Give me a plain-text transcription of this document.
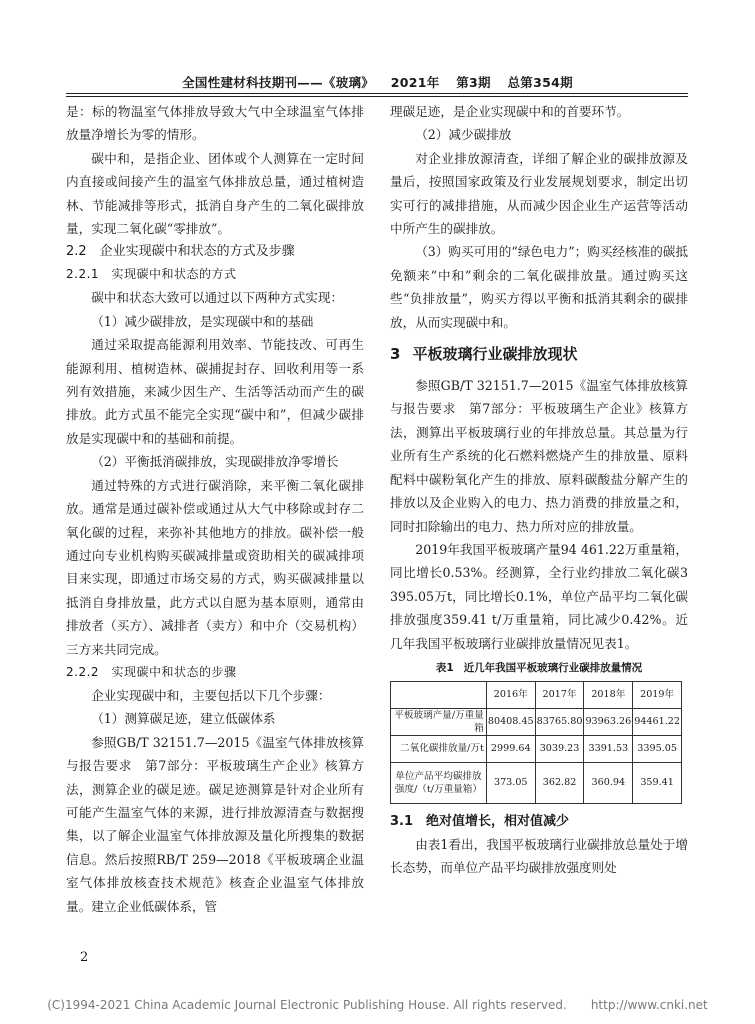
全国性建材科技期刊——《玻璃》 2021年 第3期 总第354期

是：标的物温室气体排放导致大气中全球温室气体排放量净增长为零的情形。

碳中和，是指企业、团体或个人测算在一定时间内直接或间接产生的温室气体排放总量，通过植树造林、节能减排等形式，抵消自身产生的二氧化碳排放量，实现二氧化碳“零排放”。

2.2　企业实现碳中和状态的方式及步骤
2.2.1　实现碳中和状态的方式

碳中和状态大致可以通过以下两种方式实现：

（1）减少碳排放，是实现碳中和的基础

通过采取提高能源利用效率、节能技改、可再生能源利用、植树造林、碳捕捉封存、回收利用等一系列有效措施，来减少因生产、生活等活动而产生的碳排放。此方式虽不能完全实现“碳中和”，但减少碳排放是实现碳中和的基础和前提。

（2）平衡抵消碳排放，实现碳排放净零增长

通过特殊的方式进行碳消除，来平衡二氧化碳排放。通常是通过碳补偿或通过从大气中移除或封存二氧化碳的过程，来弥补其他地方的排放。碳补偿一般通过向专业机构购买碳减排量或资助相关的碳减排项目来实现，即通过市场交易的方式，购买碳减排量以抵消自身排放量，此方式以自愿为基本原则，通常由排放者（买方）、减排者（卖方）和中介（交易机构）三方来共同完成。

2.2.2　实现碳中和状态的步骤

企业实现碳中和，主要包括以下几个步骤：

（1）测算碳足迹，建立低碳体系

参照GB/T 32151.7—2015《温室气体排放核算与报告要求　第7部分：平板玻璃生产企业》核算方法，测算企业的碳足迹。碳足迹测算是针对企业所有可能产生温室气体的来源，进行排放源清查与数据搜集，以了解企业温室气体排放源及量化所搜集的数据信息。然后按照RB/T 259—2018《平板玻璃企业温室气体排放核查技术规范》核查企业温室气体排放量。建立企业低碳体系，管

理碳足迹，是企业实现碳中和的首要环节。

（2）减少碳排放

对企业排放源清查，详细了解企业的碳排放源及量后，按照国家政策及行业发展规划要求，制定出切实可行的减排措施，从而减少因企业生产运营等活动中所产生的碳排放。

（3）购买可用的“绿色电力”；购买经核准的碳抵免额来“中和”剩余的二氧化碳排放量。通过购买这些“负排放量”，购买方得以平衡和抵消其剩余的碳排放，从而实现碳中和。

3 平板玻璃行业碳排放现状

参照GB/T 32151.7—2015《温室气体排放核算与报告要求　第7部分：平板玻璃生产企业》核算方法，测算出平板玻璃行业的年排放总量。其总量为行业所有生产系统的化石燃料燃烧产生的排放量、原料配料中碳粉氧化产生的排放、原料碳酸盐分解产生的排放以及企业购入的电力、热力消费的排放量之和，同时扣除输出的电力、热力所对应的排放量。

2019年我国平板玻璃产量94 461.22万重量箱，同比增长0.53%。经测算，全行业约排放二氧化碳3 395.05万t，同比增长0.1%，单位产品平均二氧化碳排放强度359.41 t/万重量箱，同比减少0.42%。近几年我国平板玻璃行业碳排放量情况见表1。

表1 近几年我国平板玻璃行业碳排放量情况
	2016年	2017年	2018年	2019年
平板玻璃产量/万重量箱	80408.45	83765.80	93963.26	94461.22
二氧化碳排放量/万t	2999.64	3039.23	3391.53	3395.05
单位产品平均碳排放强度/（t/万重量箱）	373.05	362.82	360.94	359.41
3.1　绝对值增长，相对值减少

由表1看出，我国平板玻璃行业碳排放总量处于增长态势，而单位产品平均碳排放强度则处

2
(C)1994-2021 China Academic Journal Electronic Publishing House. All rights reserved.　　http://www.cnki.net
